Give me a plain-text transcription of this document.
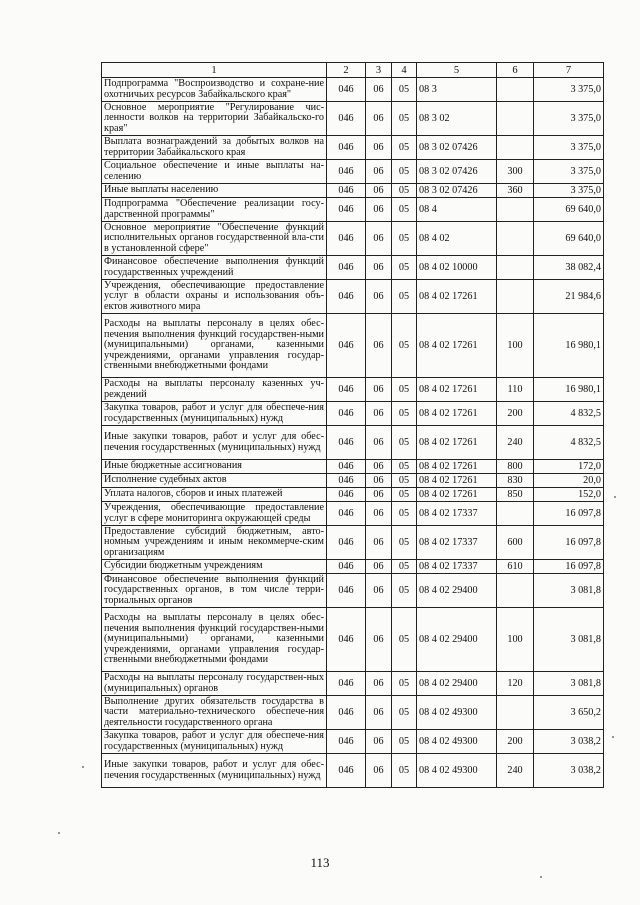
1	2	3	4	5	6	7
Подпрограмма "Воспроизводство и сохране-ние охотничьих ресурсов Забайкальского края"	046	06	05	08 3		3 375,0
Основное мероприятие "Регулирование чис-ленности волков на территории Забайкальско-го края"	046	06	05	08 3 02		3 375,0
Выплата вознаграждений за добытых волков на территории Забайкальского края	046	06	05	08 3 02 07426		3 375,0
Социальное обеспечение и иные выплаты на-селению	046	06	05	08 3 02 07426	300	3 375,0
Иные выплаты населению	046	06	05	08 3 02 07426	360	3 375,0
Подпрограмма "Обеспечение реализации госу-дарственной программы"	046	06	05	08 4		69 640,0
Основное мероприятие "Обеспечение функций исполнительных органов государственной вла-сти в установленной сфере"	046	06	05	08 4 02		69 640,0
Финансовое обеспечение выполнения функций государственных учреждений	046	06	05	08 4 02 10000		38 082,4
Учреждения, обеспечивающие предоставление услуг в области охраны и использования объ-ектов животного мира	046	06	05	08 4 02 17261		21 984,6
Расходы на выплаты персоналу в целях обес-печения выполнения функций государствен-ными (муниципальными) органами, казенными учреждениями, органами управления государ-ственными внебюджетными фондами	046	06	05	08 4 02 17261	100	16 980,1
Расходы на выплаты персоналу казенных уч-реждений	046	06	05	08 4 02 17261	110	16 980,1
Закупка товаров, работ и услуг для обеспече-ния государственных (муниципальных) нужд	046	06	05	08 4 02 17261	200	4 832,5
Иные закупки товаров, работ и услуг для обес-печения государственных (муниципальных) нужд	046	06	05	08 4 02 17261	240	4 832,5
Иные бюджетные ассигнования	046	06	05	08 4 02 17261	800	172,0
Исполнение судебных актов	046	06	05	08 4 02 17261	830	20,0
Уплата налогов, сборов и иных платежей	046	06	05	08 4 02 17261	850	152,0
Учреждения, обеспечивающие предоставление услуг в сфере мониторинга окружающей среды	046	06	05	08 4 02 17337		16 097,8
Предоставление субсидий бюджетным, авто-номным учреждениям и иным некоммерче-ским организациям	046	06	05	08 4 02 17337	600	16 097,8
Субсидии бюджетным учреждениям	046	06	05	08 4 02 17337	610	16 097,8
Финансовое обеспечение выполнения функций государственных органов, в том числе терри-ториальных органов	046	06	05	08 4 02 29400		3 081,8
Расходы на выплаты персоналу в целях обес-печения выполнения функций государствен-ными (муниципальными) органами, казенными учреждениями, органами управления государ-ственными внебюджетными фондами	046	06	05	08 4 02 29400	100	3 081,8
Расходы на выплаты персоналу государствен-ных (муниципальных) органов	046	06	05	08 4 02 29400	120	3 081,8
Выполнение других обязательств государства в части материально-технического обеспече-ния деятельности государственного органа	046	06	05	08 4 02 49300		3 650,2
Закупка товаров, работ и услуг для обеспече-ния государственных (муниципальных) нужд	046	06	05	08 4 02 49300	200	3 038,2
Иные закупки товаров, работ и услуг для обес-печения государственных (муниципальных) нужд	046	06	05	08 4 02 49300	240	3 038,2
113
